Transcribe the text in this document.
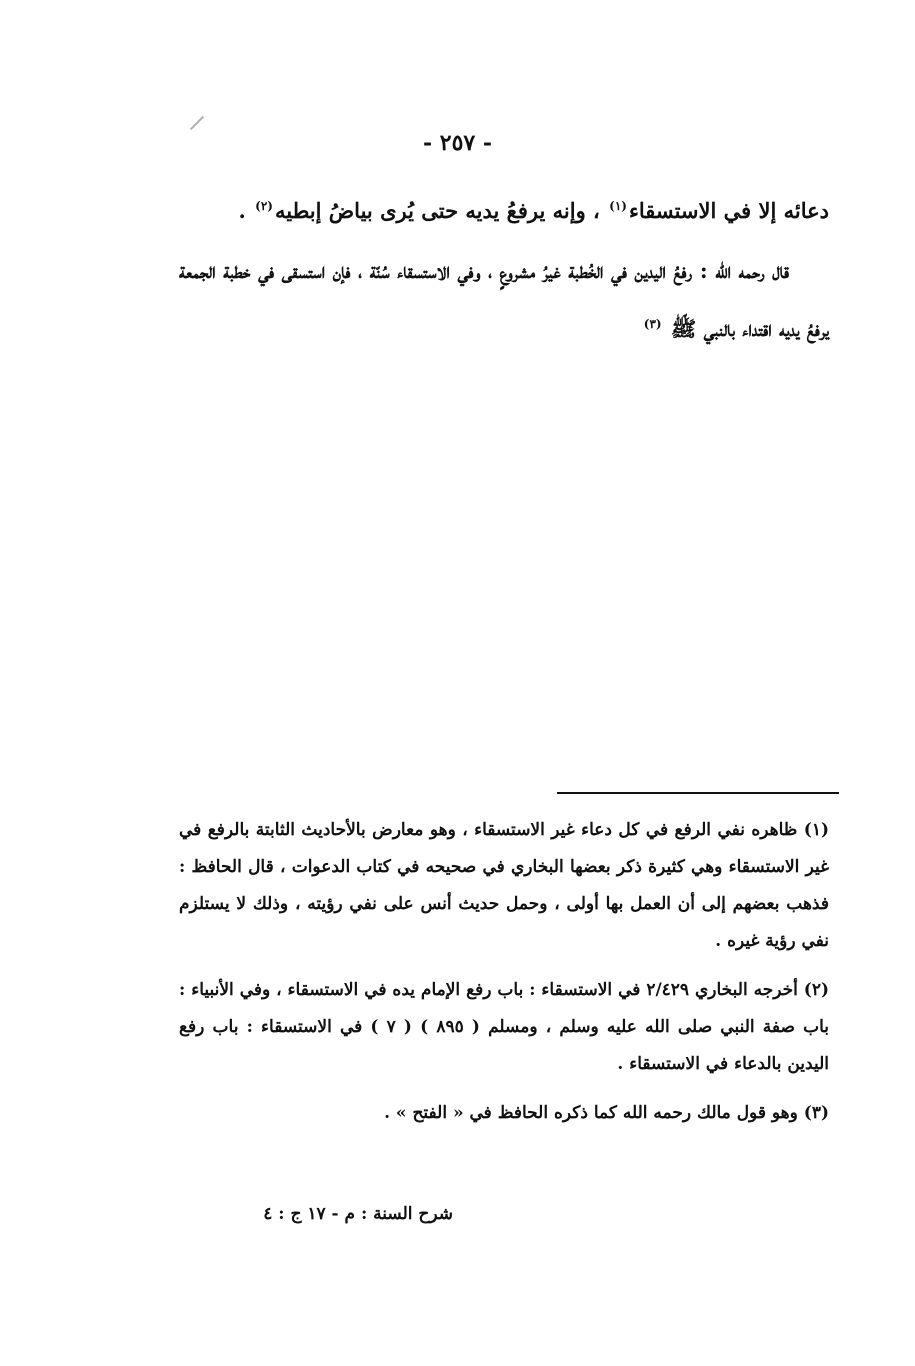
- ٢٥٧ -

دعائه إلا في الاستسقاء$^{(١)}$ ، وإنه يرفعُ يديه حتى يُرى بياضُ إبطيه$^{(٢)}$ .

قال رحمه الله : رفعُ اليدين في الخُطبة غيرُ مشروعٍ ، وفي الاستسقاء سُنّة ، فإن استسقى في خطبة الجمعة يرفعُ يديه اقتداء بالنبي ﷺ $^{(٣)}$

(١) ظاهره نفي الرفع في كل دعاء غير الاستسقاء ، وهو معارض بالأحاديث الثابتة بالرفع في غير الاستسقاء وهي كثيرة ذكر بعضها البخاري في صحيحه في كتاب الدعوات ، قال الحافظ : فذهب بعضهم إلى أن العمل بها أولى ، وحمل حديث أنس على نفي رؤيته ، وذلك لا يستلزم نفي رؤية غيره .

(٢) أخرجه البخاري ٢/٤٢٩ في الاستسقاء : باب رفع الإمام يده في الاستسقاء ، وفي الأنبياء : باب صفة النبي صلى الله عليه وسلم ، ومسلم ( ٨٩٥ ) ( ٧ ) في الاستسقاء : باب رفع اليدين بالدعاء في الاستسقاء .

(٣) وهو قول مالك رحمه الله كما ذكره الحافظ في « الفتح » .

شرح السنة : م - ١٧ ج : ٤
